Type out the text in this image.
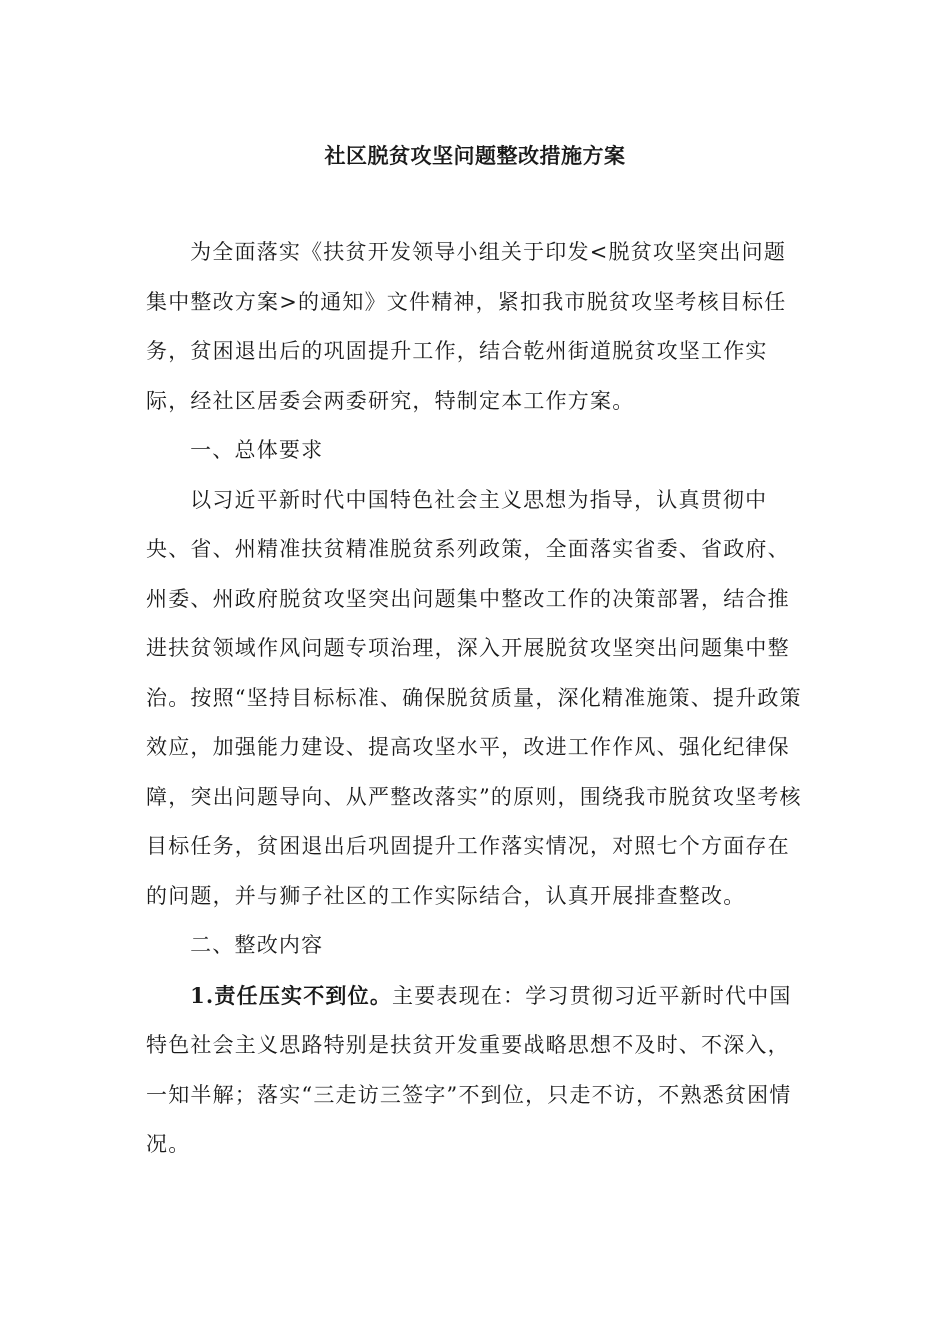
社区脱贫攻坚问题整改措施方案

为全面落实《扶贫开发领导小组关于印发<脱贫攻坚突出问题集中整改方案>的通知》文件精神，紧扣我市脱贫攻坚考核目标任务，贫困退出后的巩固提升工作，结合乾州街道脱贫攻坚工作实际，经社区居委会两委研究，特制定本工作方案。

一、总体要求

以习近平新时代中国特色社会主义思想为指导，认真贯彻中央、省、州精准扶贫精准脱贫系列政策，全面落实省委、省政府、州委、州政府脱贫攻坚突出问题集中整改工作的决策部署，结合推进扶贫领域作风问题专项治理，深入开展脱贫攻坚突出问题集中整治。按照“坚持目标标准、确保脱贫质量，深化精准施策、提升政策效应，加强能力建设、提高攻坚水平，改进工作作风、强化纪律保障，突出问题导向、从严整改落实”的原则，围绕我市脱贫攻坚考核目标任务，贫困退出后巩固提升工作落实情况，对照七个方面存在的问题，并与狮子社区的工作实际结合，认真开展排查整改。

二、整改内容

1.责任压实不到位。主要表现在：学习贯彻习近平新时代中国特色社会主义思路特别是扶贫开发重要战略思想不及时、不深入，一知半解；落实“三走访三签字”不到位，只走不访，不熟悉贫困情况。
